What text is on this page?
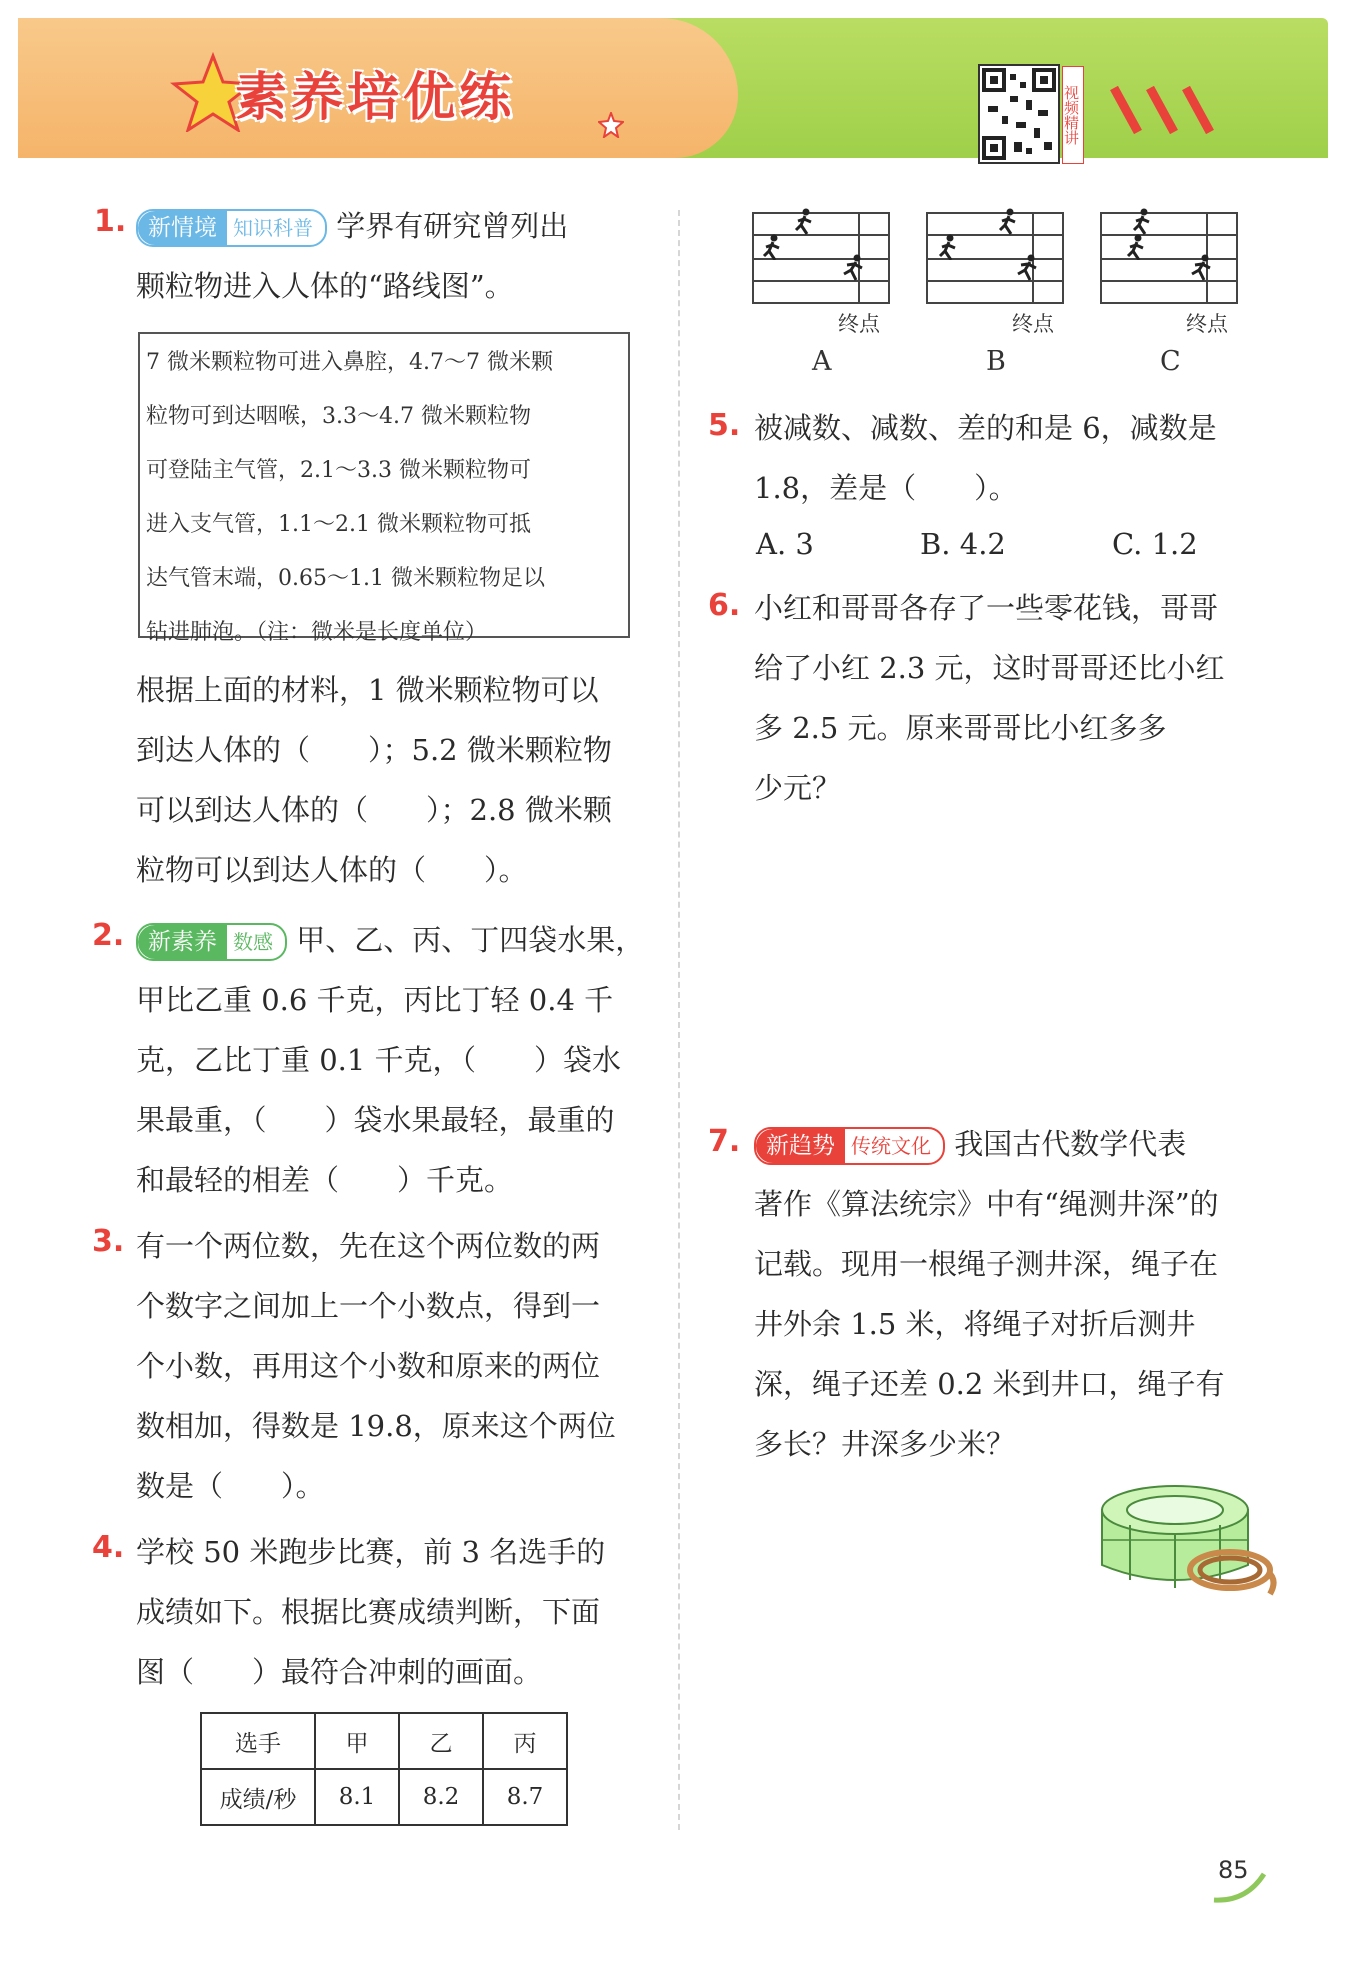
素养培优练	视频精讲
1. 新情境 知识科普 学界有研究曾列出
颗粒物进入人体的“路线图”。
7 微米颗粒物可进入鼻腔，4.7～7 微米颗
粒物可到达咽喉，3.3～4.7 微米颗粒物
可登陆主气管，2.1～3.3 微米颗粒物可
进入支气管，1.1～2.1 微米颗粒物可抵
达气管末端，0.65～1.1 微米颗粒物足以
钻进肺泡。（注：微米是长度单位）
根据上面的材料，1 微米颗粒物可以
到达人体的（　　）；5.2 微米颗粒物
可以到达人体的（　　）；2.8 微米颗
粒物可以到达人体的（　　）。
2.	新素养 数感 甲、乙、丙、丁四袋水果，
甲比乙重 0.6 千克，丙比丁轻 0.4 千
克，乙比丁重 0.1 千克，（　　）袋水
果最重，（　　）袋水果最轻，最重的
和最轻的相差（　　）千克。
3. 有一个两位数，先在这个两位数的两
个数字之间加上一个小数点，得到一
个小数，再用这个小数和原来的两位
数相加，得数是 19.8，原来这个两位
数是（　　）。
4. 学校 50 米跑步比赛，前 3 名选手的
成绩如下。根据比赛成绩判断，下面
图（　　）最符合冲刺的画面。
选手	甲	乙	丙
成绩/秒	8.1	8.2	8.7
终点	终点	终点
A	B	C
5. 被减数、减数、差的和是 6，减数是
1.8，差是（　　）。
A. 3	B. 4.2	C. 1.2
6. 小红和哥哥各存了一些零花钱，哥哥
给了小红 2.3 元，这时哥哥还比小红
多 2.5 元。原来哥哥比小红多多
少元？
7.	新趋势 传统文化 我国古代数学代表
著作《算法统宗》中有“绳测井深”的
记载。现用一根绳子测井深，绳子在
井外余 1.5 米，将绳子对折后测井
深，绳子还差 0.2 米到井口，绳子有
多长？井深多少米？
85
